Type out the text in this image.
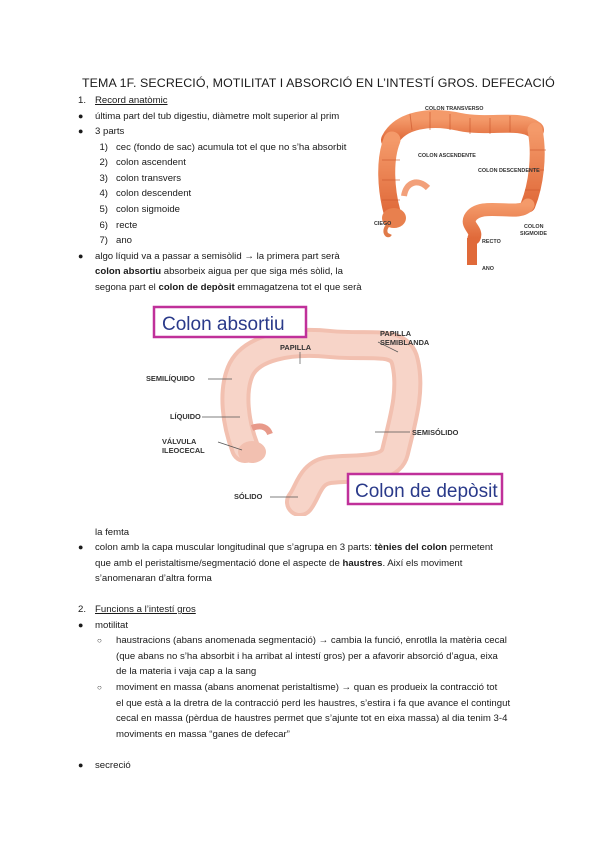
TEMA 1F. SECRECIÓ, MOTILITAT I ABSORCIÓ EN L’INTESTÍ GROS. DEFECACIÓ
1. Record anatòmic
● última part del tub digestiu, diàmetre molt superior al prim
● 3 parts
1) cec (fondo de sac) acumula tot el que no s’ha absorbit
2) colon ascendent
3) colon transvers
4) colon descendent
5) colon sigmoide
6) recte
7) ano
● algo líquid va a passar a semisòlid → la primera part serà
colon absortiu absorbeix aigua per que siga més sòlid, la
segona part el colon de depòsit emmagatzena tot el que serà
COLON TRANSVERSO
COLON ASCENDENTE
COLON DESCENDENTE
CIEGO
RECTO
COLON
SIGMOIDE
ANO
Colon absortiu
Colon de depòsit
PAPILLA
PAPILLA
SEMIBLANDA
SEMILÍQUIDO
LÍQUIDO
VÁLVULA
ILEOCECAL
SEMISÓLIDO
SÓLIDO
la femta
● colon amb la capa muscular longitudinal que s’agrupa en 3 parts: tènies del colon permetent
que amb el peristaltisme/segmentació done el aspecte de haustres. Així els moviment
s’anomenaran d’altra forma
2. Funcions a l’intestí gros
● motilitat
○ haustracions (abans anomenada segmentació) → cambia la funció, enrotlla la matèria cecal
(que abans no s’ha absorbit i ha arribat al intestí gros) per a afavorir absorció d’agua, eixa
de la materia i vaja cap a la sang
○ moviment en massa (abans anomenat peristaltisme) → quan es produeix la contracció tot
el que està a la dretra de la contracció perd les haustres, s’estira i fa que avance el contingut
cecal en massa (pèrdua de haustres permet que s’ajunte tot en eixa massa) al dia tenim 3-4
moviments en massa “ganes de defecar”
● secreció
